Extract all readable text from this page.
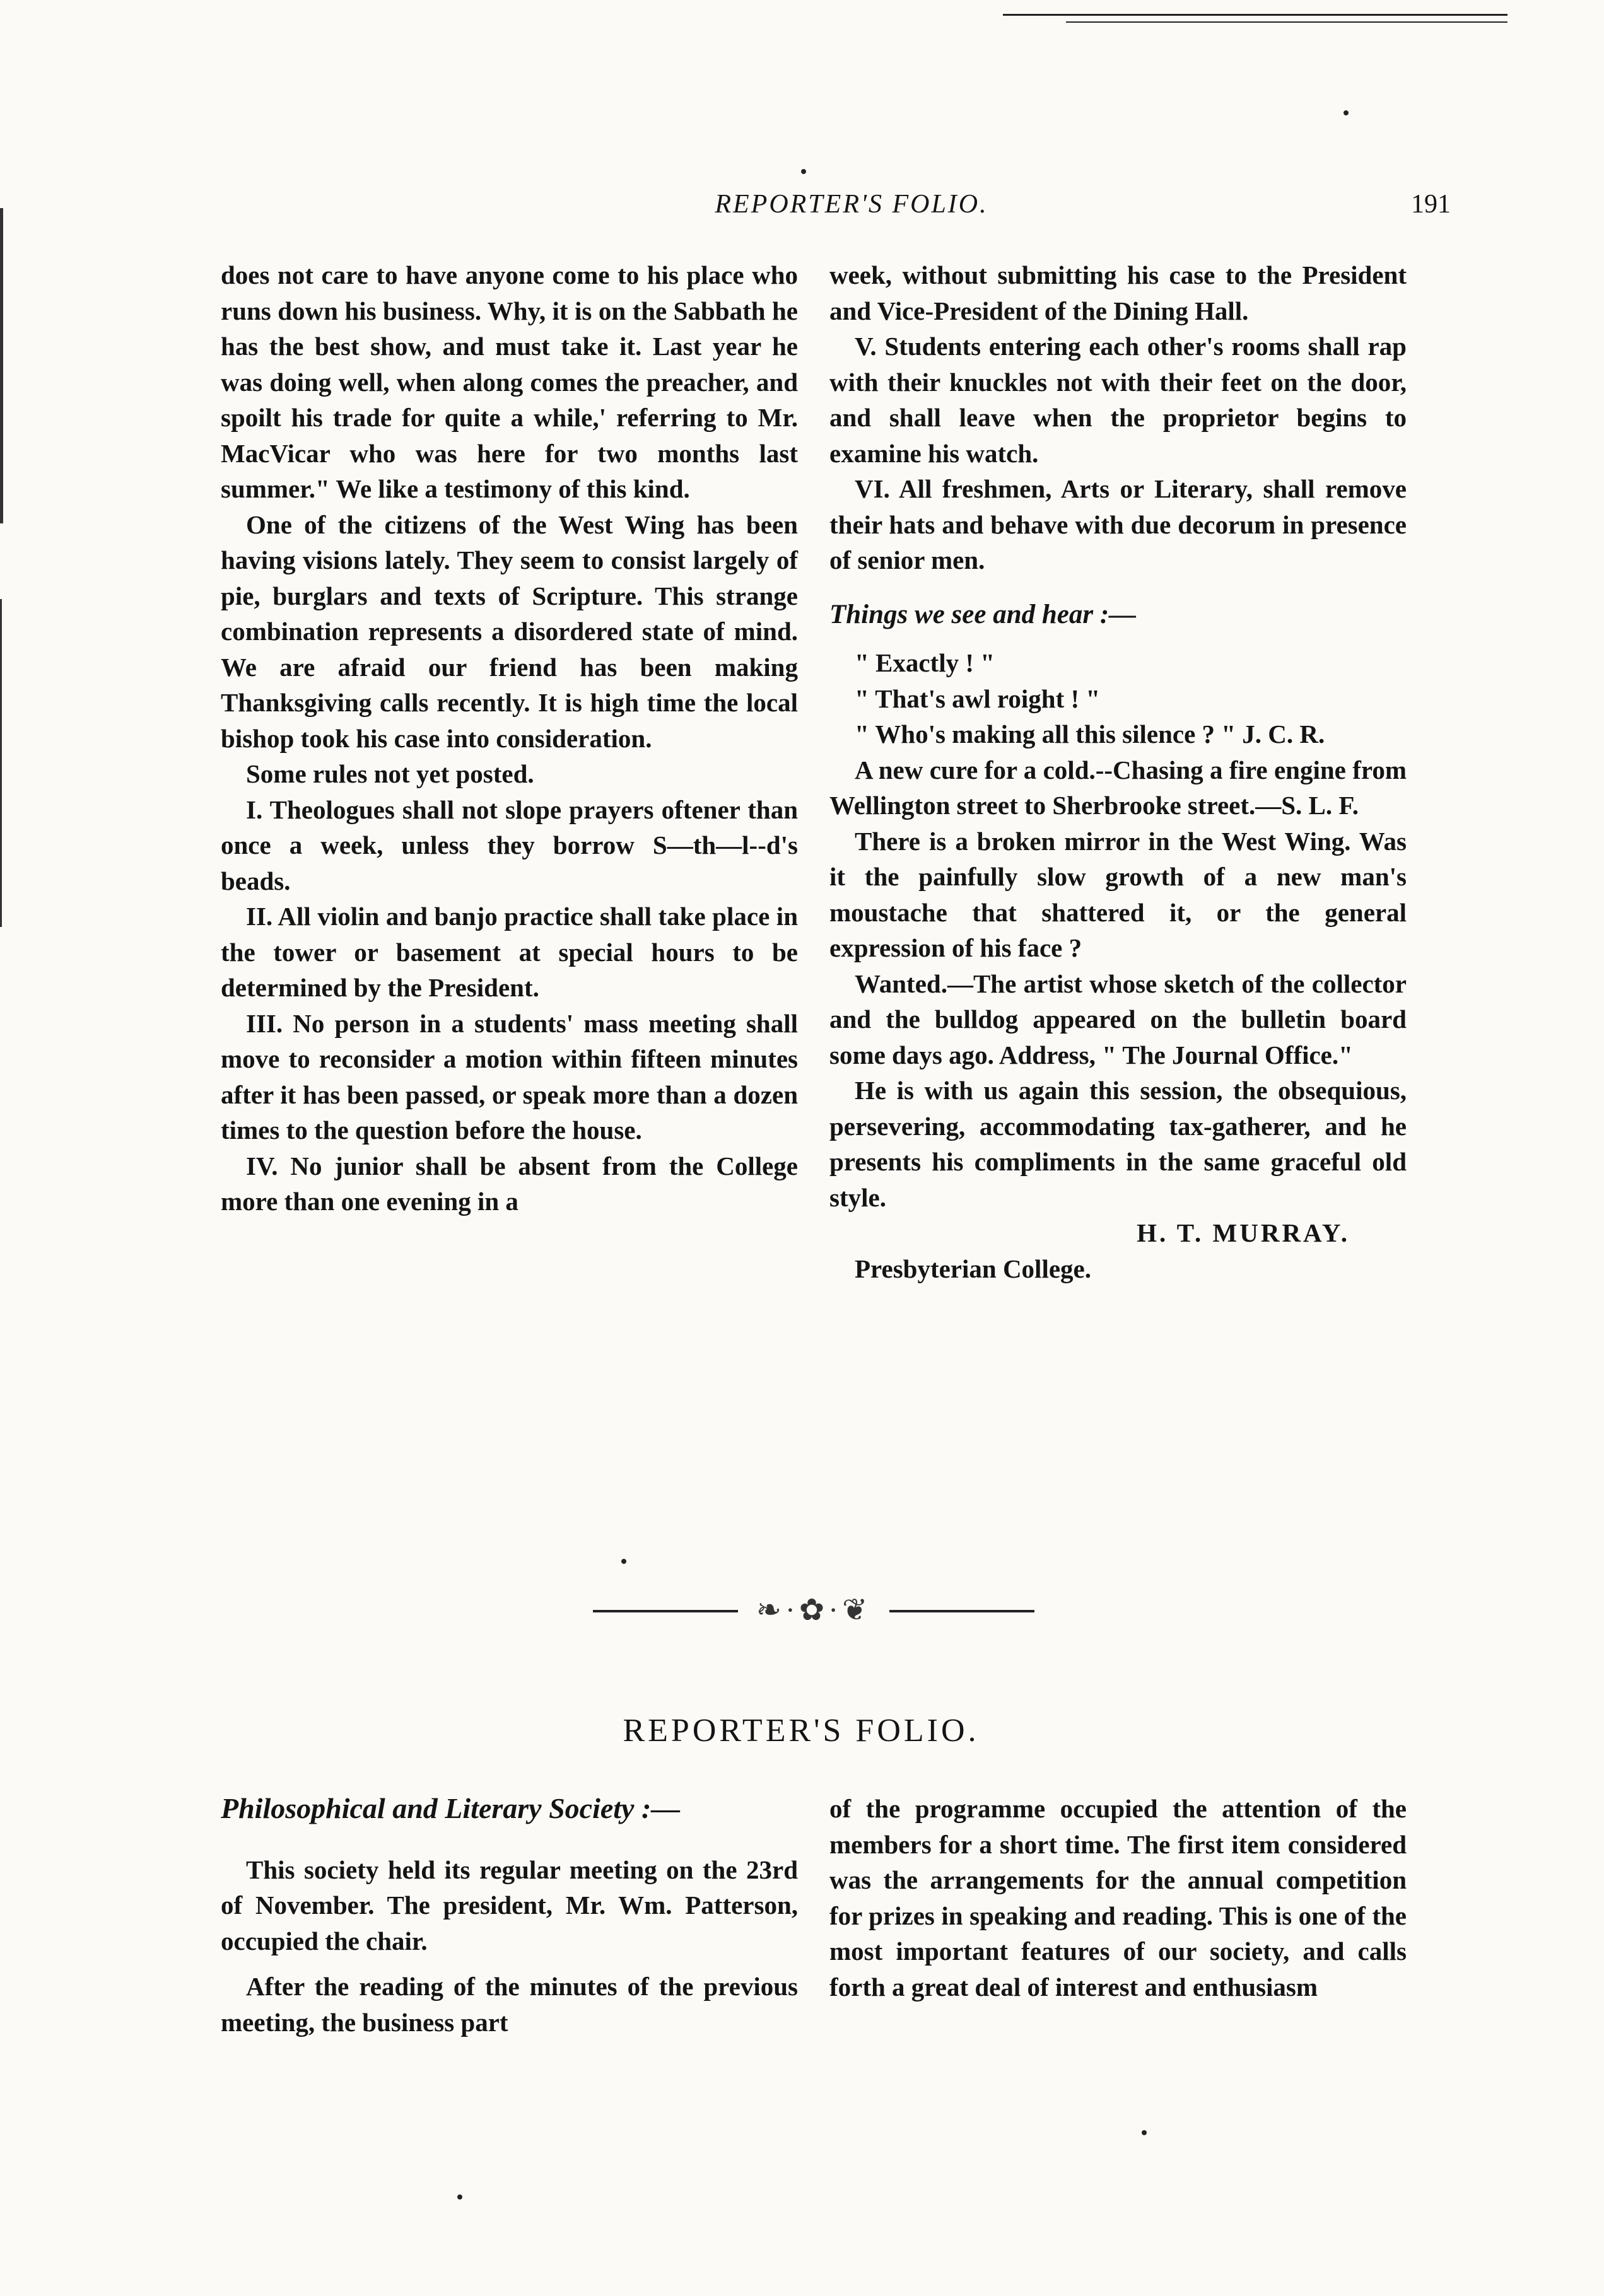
REPORTER'S FOLIO.	191

does not care to have anyone come to his place who runs down his business. Why, it is on the Sabbath he has the best show, and must take it. Last year he was doing well, when along comes the preacher, and spoilt his trade for quite a while,' referring to Mr. MacVicar who was here for two months last summer." We like a testimony of this kind.

One of the citizens of the West Wing has been having visions lately. They seem to consist largely of pie, burglars and texts of Scripture. This strange combination represents a disordered state of mind. We are afraid our friend has been making Thanksgiving calls recently. It is high time the local bishop took his case into consideration.

Some rules not yet posted.

I. Theologues shall not slope prayers oftener than once a week, unless they borrow S—th—l--d's beads.

II. All violin and banjo practice shall take place in the tower or basement at special hours to be determined by the President.

III. No person in a students' mass meeting shall move to reconsider a motion within fifteen minutes after it has been passed, or speak more than a dozen times to the question before the house.

IV. No junior shall be absent from the College more than one evening in a

week, without submitting his case to the President and Vice-President of the Dining Hall.

V. Students entering each other's rooms shall rap with their knuckles not with their feet on the door, and shall leave when the proprietor begins to examine his watch.

VI. All freshmen, Arts or Literary, shall remove their hats and behave with due decorum in presence of senior men.

Things we see and hear :—

" Exactly ! "

" That's awl roight ! "

" Who's making all this silence ? " J. C. R.

A new cure for a cold.--Chasing a fire engine from Wellington street to Sherbrooke street.—S. L. F.

There is a broken mirror in the West Wing. Was it the painfully slow growth of a new man's moustache that shattered it, or the general expression of his face ?

Wanted.—The artist whose sketch of the collector and the bulldog appeared on the bulletin board some days ago. Address, " The Journal Office."

He is with us again this session, the obsequious, persevering, accommodating tax-gatherer, and he presents his compliments in the same graceful old style.

H. T. MURRAY.

Presbyterian College.

❧·✿·❦
REPORTER'S FOLIO.

Philosophical and Literary Society :—

This society held its regular meeting on the 23rd of November. The president, Mr. Wm. Patterson, occupied the chair.

After the reading of the minutes of the previous meeting, the business part

of the programme occupied the attention of the members for a short time. The first item considered was the arrangements for the annual competition for prizes in speaking and reading. This is one of the most important features of our society, and calls forth a great deal of interest and enthusiasm
